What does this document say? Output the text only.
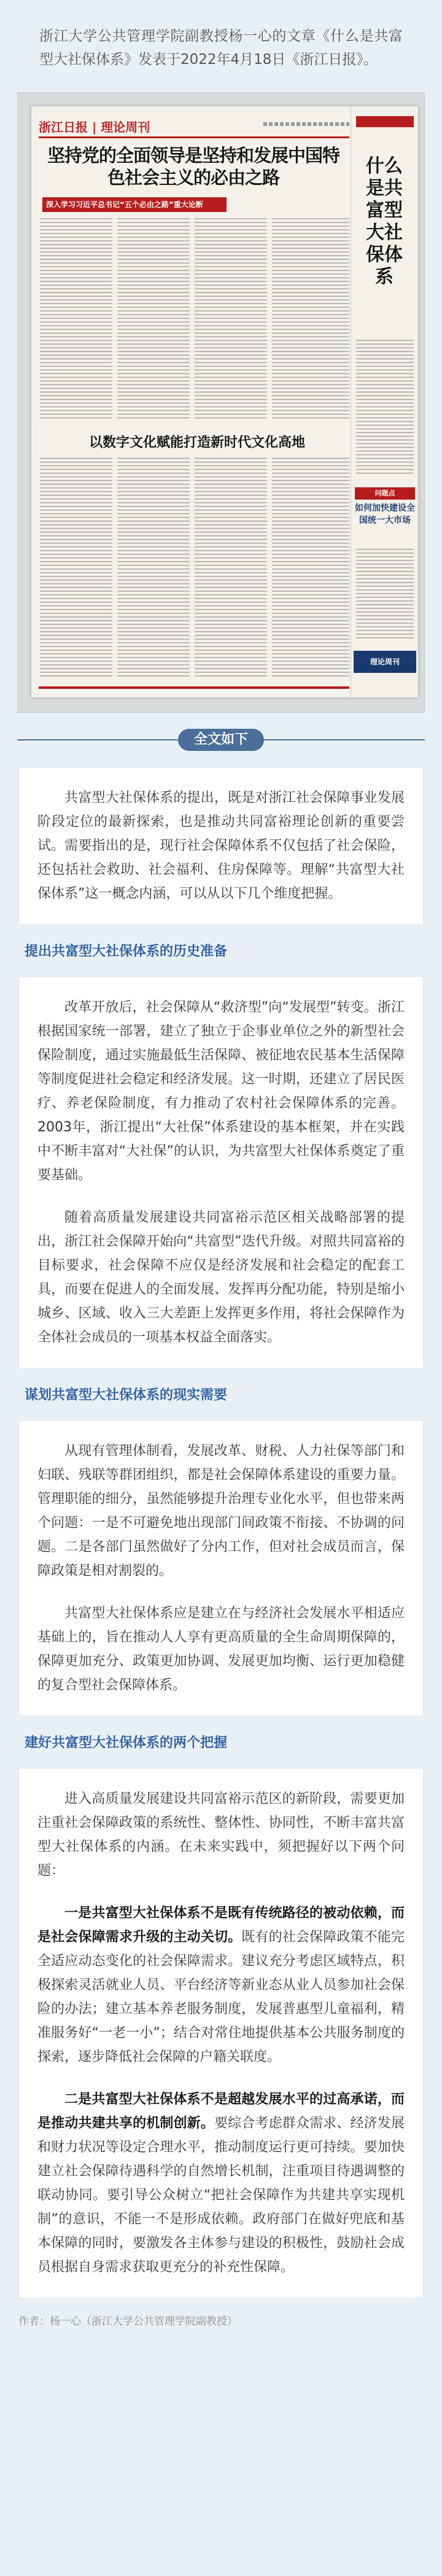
浙江大学公共管理学院副教授杨一心的文章《什么是共富型大社保体系》发表于2022年4月18日《浙江日报》。

浙江日报 | 理论周刊
坚持党的全面领导是坚持和发展中国特色社会主义的必由之路
深入学习习近平总书记“五个必由之路”重大论断
以数字文化赋能打造新时代文化高地
什么是共富型大社保体系
问题点
如何加快建设全国统一大市场
理论周刊
全文如下

共富型大社保体系的提出，既是对浙江社会保障事业发展阶段定位的最新探索，也是推动共同富裕理论创新的重要尝试。需要指出的是，现行社会保障体系不仅包括了社会保险，还包括社会救助、社会福利、住房保障等。理解“共富型大社保体系”这一概念内涵，可以从以下几个维度把握。

提出共富型大社保体系的历史准备

改革开放后，社会保障从“救济型”向“发展型”转变。浙江根据国家统一部署，建立了独立于企事业单位之外的新型社会保险制度，通过实施最低生活保障、被征地农民基本生活保障等制度促进社会稳定和经济发展。这一时期，还建立了居民医疗、养老保险制度，有力推动了农村社会保障体系的完善。2003年，浙江提出“大社保”体系建设的基本框架，并在实践中不断丰富对“大社保”的认识，为共富型大社保体系奠定了重要基础。

随着高质量发展建设共同富裕示范区相关战略部署的提出，浙江社会保障开始向“共富型”迭代升级。对照共同富裕的目标要求，社会保障不应仅是经济发展和社会稳定的配套工具，而要在促进人的全面发展、发挥再分配功能，特别是缩小城乡、区域、收入三大差距上发挥更多作用，将社会保障作为全体社会成员的一项基本权益全面落实。

谋划共富型大社保体系的现实需要

从现有管理体制看，发展改革、财税、人力社保等部门和妇联、残联等群团组织，都是社会保障体系建设的重要力量。管理职能的细分，虽然能够提升治理专业化水平，但也带来两个问题：一是不可避免地出现部门间政策不衔接、不协调的问题。二是各部门虽然做好了分内工作，但对社会成员而言，保障政策是相对割裂的。

共富型大社保体系应是建立在与经济社会发展水平相适应基础上的，旨在推动人人享有更高质量的全生命周期保障的，保障更加充分、政策更加协调、发展更加均衡、运行更加稳健的复合型社会保障体系。

建好共富型大社保体系的两个把握

进入高质量发展建设共同富裕示范区的新阶段，需要更加注重社会保障政策的系统性、整体性、协同性，不断丰富共富型大社保体系的内涵。在未来实践中，须把握好以下两个问题：

一是共富型大社保体系不是既有传统路径的被动依赖，而是社会保障需求升级的主动关切。既有的社会保障政策不能完全适应动态变化的社会保障需求。建议充分考虑区域特点，积极探索灵活就业人员、平台经济等新业态从业人员参加社会保险的办法；建立基本养老服务制度，发展普惠型儿童福利，精准服务好“一老一小”；结合对常住地提供基本公共服务制度的探索，逐步降低社会保障的户籍关联度。

二是共富型大社保体系不是超越发展水平的过高承诺，而是推动共建共享的机制创新。要综合考虑群众需求、经济发展和财力状况等设定合理水平，推动制度运行更可持续。要加快建立社会保障待遇科学的自然增长机制，注重项目待遇调整的联动协同。要引导公众树立“把社会保障作为共建共享实现机制”的意识，不能一不是形成依赖。政府部门在做好兜底和基本保障的同时，要激发各主体参与建设的积极性，鼓励社会成员根据自身需求获取更充分的补充性保障。

作者：杨一心（浙江大学公共管理学院副教授）
